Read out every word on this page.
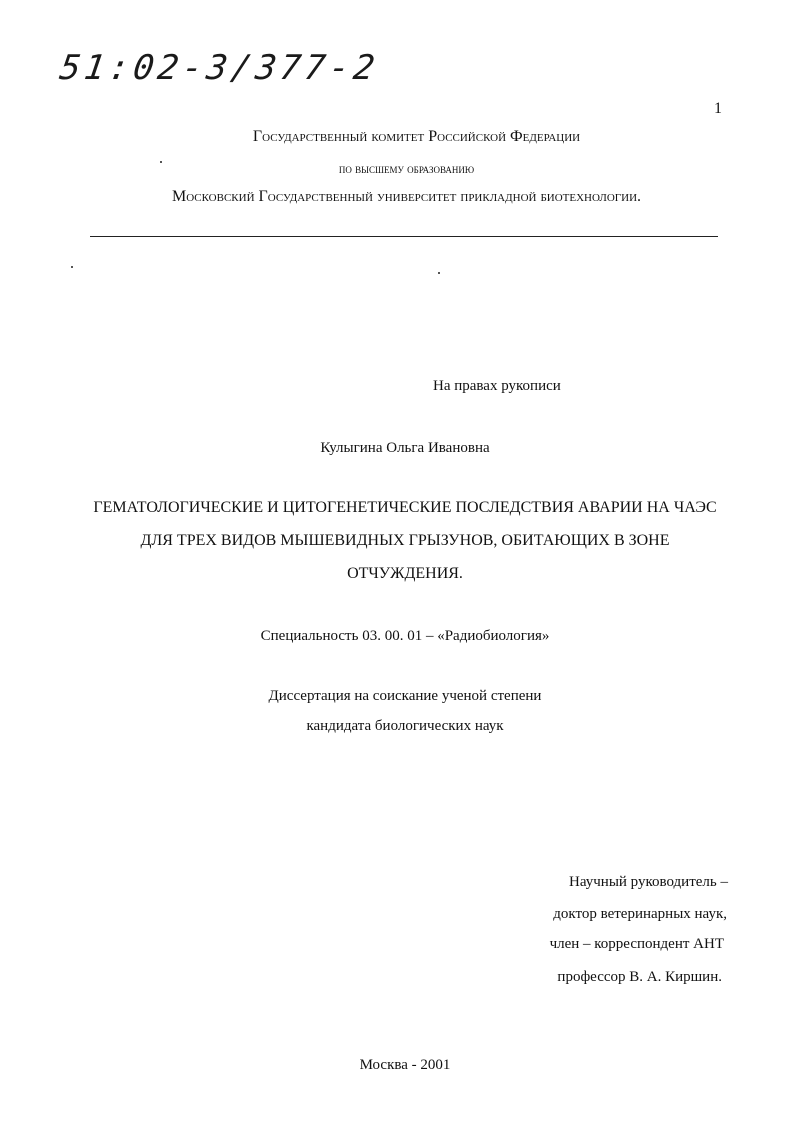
51:02-3/377-2
1
Государственный комитет Российской Федерации
по высшему образованию
Московский Государственный университет прикладной биотехнологии.
На правах рукописи
Кулыгина Ольга Ивановна
ГЕМАТОЛОГИЧЕСКИЕ И ЦИТОГЕНЕТИЧЕСКИЕ ПОСЛЕДСТВИЯ АВАРИИ НА ЧАЭС
ДЛЯ ТРЕХ ВИДОВ МЫШЕВИДНЫХ ГРЫЗУНОВ, ОБИТАЮЩИХ В ЗОНЕ
ОТЧУЖДЕНИЯ.
Специальность 03. 00. 01 – «Радиобиология»
Диссертация на соискание ученой степени
кандидата биологических наук
Научный руководитель –
доктор ветеринарных наук,
член – корреспондент АНТ
профессор В. А. Киршин.
Москва - 2001
